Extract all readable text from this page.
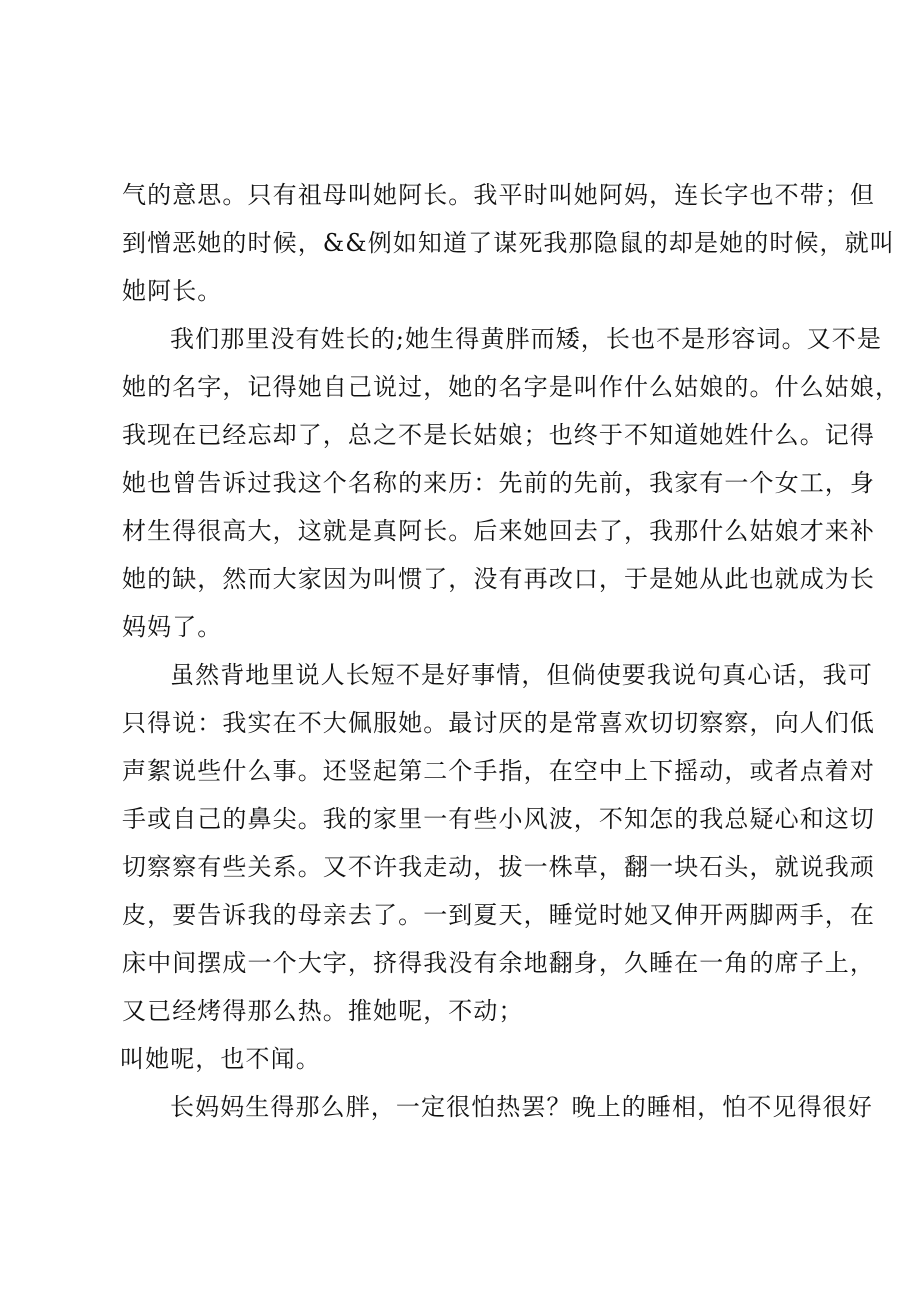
气的意思。只有祖母叫她阿长。我平时叫她阿妈，连长字也不带；但
到憎恶她的时候，&&例如知道了谋死我那隐鼠的却是她的时候，就叫
她阿长。
我们那里没有姓长的;她生得黄胖而矮，长也不是形容词。又不是
她的名字，记得她自己说过，她的名字是叫作什么姑娘的。什么姑娘，
我现在已经忘却了，总之不是长姑娘；也终于不知道她姓什么。记得
她也曾告诉过我这个名称的来历：先前的先前，我家有一个女工，身
材生得很高大，这就是真阿长。后来她回去了，我那什么姑娘才来补
她的缺，然而大家因为叫惯了，没有再改口，于是她从此也就成为长
妈妈了。
虽然背地里说人长短不是好事情，但倘使要我说句真心话，我可
只得说：我实在不大佩服她。最讨厌的是常喜欢切切察察，向人们低
声絮说些什么事。还竖起第二个手指，在空中上下摇动，或者点着对
手或自己的鼻尖。我的家里一有些小风波，不知怎的我总疑心和这切
切察察有些关系。又不许我走动，拔一株草，翻一块石头，就说我顽
皮，要告诉我的母亲去了。一到夏天，睡觉时她又伸开两脚两手，在
床中间摆成一个大字，挤得我没有余地翻身，久睡在一角的席子上，
又已经烤得那么热。推她呢，不动；
叫她呢，也不闻。
长妈妈生得那么胖，一定很怕热罢？晚上的睡相，怕不见得很好
